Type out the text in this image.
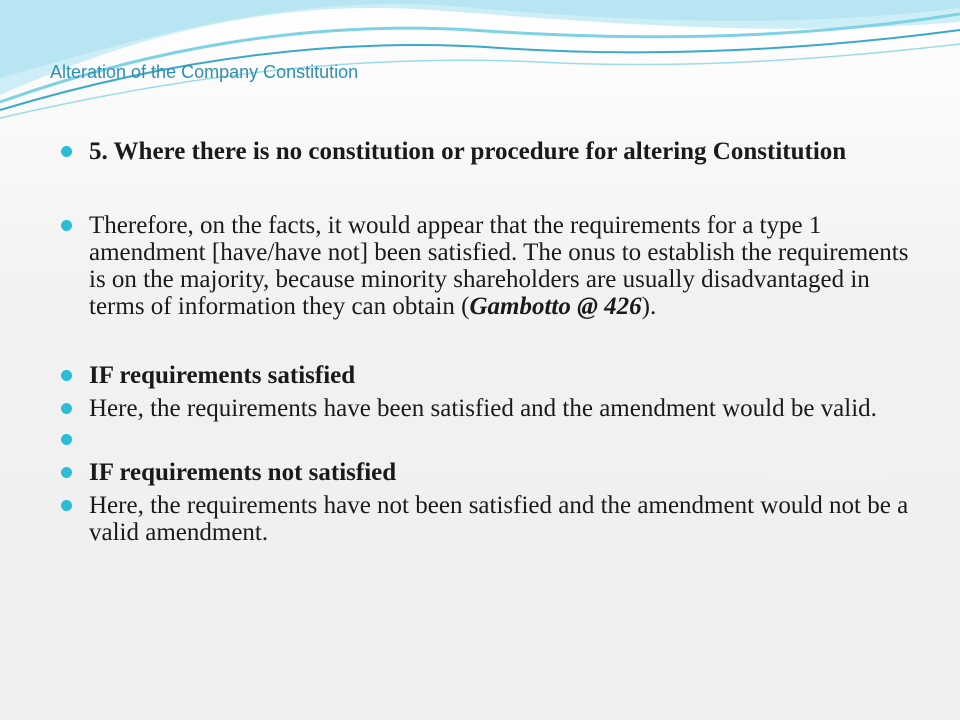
Alteration of the Company Constitution
5. Where there is no constitution or procedure for altering Constitution
Therefore, on the facts, it would appear that the requirements for a type 1 amendment [have/have not] been satisfied. The onus to establish the requirements is on the majority, because minority shareholders are usually disadvantaged in terms of information they can obtain (Gambotto @ 426).
IF requirements satisfied
Here, the requirements have been satisfied and the amendment would be valid.
IF requirements not satisfied
Here, the requirements have not been satisfied and the amendment would not be a valid amendment.
